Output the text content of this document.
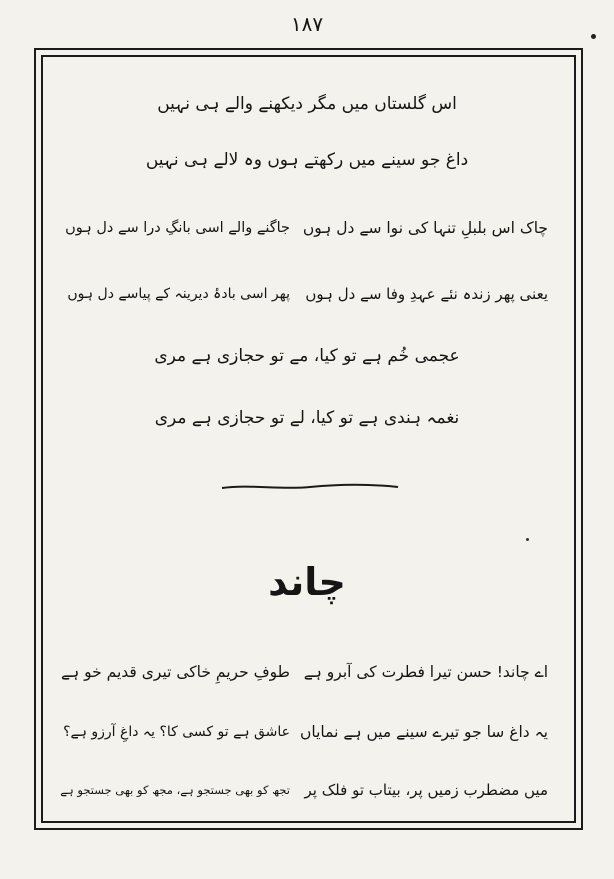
۱۸۷
اس گلستاں میں مگر دیکھنے والے ہی نہیں
داغ جو سینے میں رکھتے ہوں وہ لالے ہی نہیں
چاک اس بلبلِ تنہا کی نوا سے دل ہوں
جاگنے والے اسی بانگِ درا سے دل ہوں
یعنی پھر زندہ نئے عہدِ وفا سے دل ہوں
پھر اسی بادۂ دیرینہ کے پیاسے دل ہوں
عجمی خُم ہے تو کیا، مے تو حجازی ہے مری
نغمہ ہندی ہے تو کیا، لے تو حجازی ہے مری
چاند
اے چاند! حسن تیرا فطرت کی آبرو ہے
طوفِ حریمِ خاکی تیری قدیم خو ہے
یہ داغ سا جو تیرے سینے میں ہے نمایاں
عاشق ہے تو کسی کا؟ یہ داغِ آرزو ہے؟
میں مضطرب زمیں پر، بیتاب تو فلک پر
تجھ کو بھی جستجو ہے، مجھ کو بھی جستجو ہے
